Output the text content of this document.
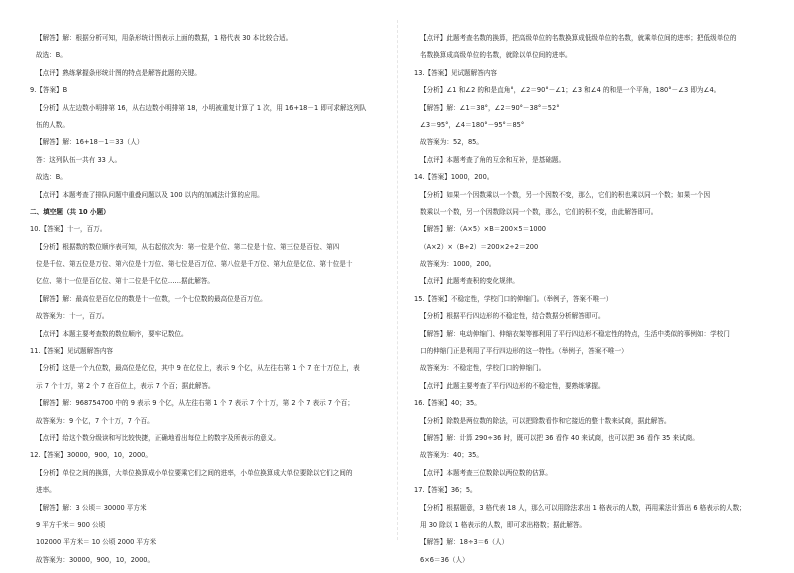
【解答】解：根据分析可知，用条形统计图表示上面的数据，1 格代表 30 本比较合适。
故选：B。
【点评】熟练掌握条形统计图的特点是解答此题的关键。
9.【答案】B
【分析】从左边数小明排第 16，从右边数小明排第 18，小明被重复计算了 1 次，用 16+18－1 即可求解这列队
伍的人数。
【解答】解：16+18－1＝33（人）
答：这列队伍一共有 33 人。
故选：B。
【点评】本题考查了排队问题中重叠问题以及 100 以内的加减法计算的应用。
二、填空题（共 10 小题）
10.【答案】十一，百万。
【分析】根据数的数位顺序表可知，从右起依次为：第一位是个位、第二位是十位、第三位是百位、第四
位是千位、第五位是万位、第六位是十万位、第七位是百万位、第八位是千万位、第九位是亿位、第十位是十
亿位、第十一位是百亿位、第十二位是千亿位……据此解答。
【解答】解：最高位是百亿位的数是十一位数，一个七位数的最高位是百万位。
故答案为：十一，百万。
【点评】本题主要考查数的数位顺序，要牢记数位。
11.【答案】见试题解答内容
【分析】这是一个九位数，最高位是亿位，其中 9 在亿位上，表示 9 个亿，从左往右第 1 个 7 在十万位上，表
示 7 个十万，第 2 个 7 在百位上，表示 7 个百；据此解答。
【解答】解：968754700 中的 9 表示 9 个亿，从左往右第 1 个 7 表示 7 个十万，第 2 个 7 表示 7 个百；
故答案为：9 个亿，7 个十万，7 个百。
【点评】给这个数分级读和写比较快捷，正确地看出每位上的数字及所表示的意义。
12.【答案】30000，900，10，2000。
【分析】单位之间的换算，大单位换算成小单位要乘它们之间的进率，小单位换算成大单位要除以它们之间的
进率。
【解答】解：3 公顷＝ 30000 平方米
9 平方千米＝ 900 公顷
102000 平方米＝ 10 公顷 2000 平方米
故答案为：30000，900，10，2000。
【点评】此题考查名数的换算，把高级单位的名数换算成低级单位的名数，就乘单位间的进率；把低级单位的
名数换算成高级单位的名数，就除以单位间的进率。
13.【答案】见试题解答内容
【分析】∠1 和∠2 的和是直角°，∠2＝90°－∠1；∠3 和∠4 的和是一个平角，180°－∠3 即为∠4。
【解答】解：∠1＝38°，∠2＝90°－38°＝52°
∠3＝95°，∠4＝180°－95°＝85°
故答案为：52，85。
【点评】本题考查了角的互余和互补，是基础题。
14.【答案】1000，200。
【分析】如果一个因数乘以一个数，另一个因数不变，那么，它们的积也乘以同一个数；如果一个因
数乘以一个数，另一个因数除以同一个数，那么，它们的积不变，由此解答即可。
【解答】解：（A×5）×B＝200×5＝1000
（A×2）×（B÷2）＝200×2÷2＝200
故答案为：1000，200。
【点评】此题考查积的变化规律。
15.【答案】不稳定性，学校门口的伸缩门。（举例子，答案不唯一）
【分析】根据平行四边形的不稳定性，结合数据分析解答即可。
【解答】解：电动伸缩门、伸缩衣架等都利用了平行四边形不稳定性的特点，生活中类似的事例如：学校门
口的伸缩门正是利用了平行四边形的这一特性。（举例子，答案不唯一）
故答案为：不稳定性，学校门口的伸缩门。
【点评】此题主要考查了平行四边形的不稳定性，要熟练掌握。
16.【答案】40；35。
【分析】除数是两位数的除法，可以把除数看作和它接近的整十数来试商，据此解答。
【解答】解：计算 290÷36 时，既可以把 36 看作 40 来试商，也可以把 36 看作 35 来试商。
故答案为：40；35。
【点评】本题考查三位数除以两位数的估算。
17.【答案】36；5。
【分析】根据题意，3 格代表 18 人，那么可以用除法求出 1 格表示的人数，再用乘法计算出 6 格表示的人数；
用 30 除以 1 格表示的人数，即可求出格数；据此解答。
【解答】解：18÷3＝6（人）
6×6＝36（人）
